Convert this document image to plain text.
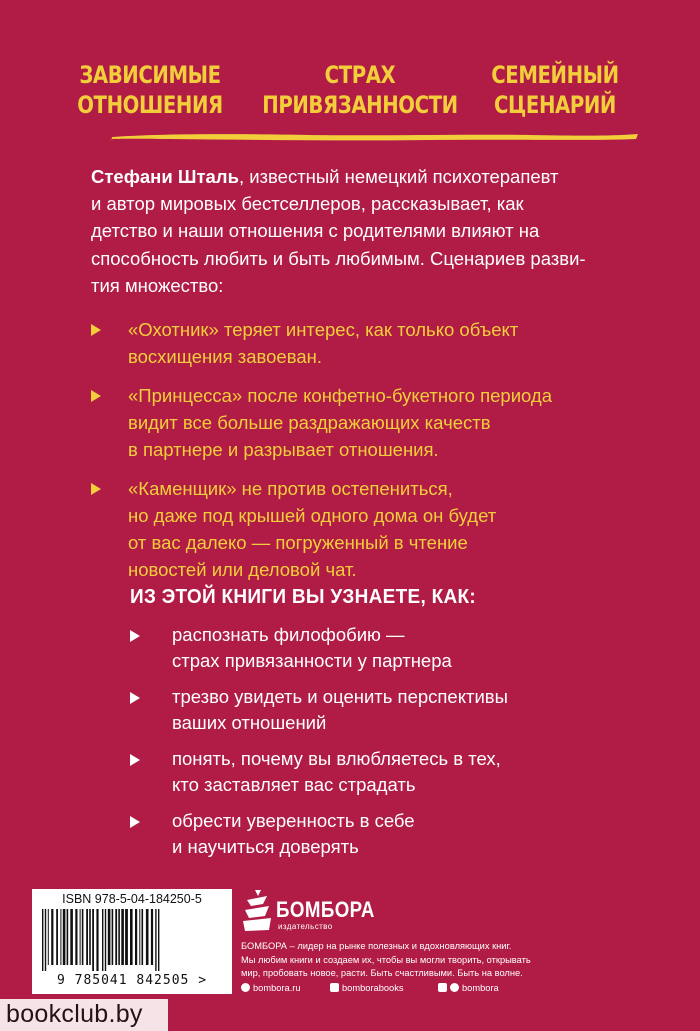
ЗАВИСИМЫЕ
ОТНОШЕНИЯ
СТРАХ
ПРИВЯЗАННОСТИ
СЕМЕЙНЫЙ
СЦЕНАРИЙ
Стефани Шталь, известный немецкий психотерапевт
и автор мировых бестселлеров, рассказывает, как
детство и наши отношения с родителями влияют на
способность любить и быть любимым. Сценариев разви-
тия множество:
«Охотник» теряет интерес, как только объект
восхищения завоеван.
«Принцесса» после конфетно-букетного периода
видит все больше раздражающих качеств
в партнере и разрывает отношения.
«Каменщик» не против остепениться,
но даже под крышей одного дома он будет
от вас далеко — погруженный в чтение
новостей или деловой чат.
ИЗ ЭТОЙ КНИГИ ВЫ УЗНАЕТЕ, КАК:
распознать филофобию —
страх привязанности у партнера
трезво увидеть и оценить перспективы
ваших отношений
понять, почему вы влюбляетесь в тех,
кто заставляет вас страдать
обрести уверенность в себе
и научиться доверять
ISBN 978-5-04-184250-5
9 785041 842505 >
БОМБОРА
издательство
БОМБОРА – лидер на рынке полезных и вдохновляющих книг.
Мы любим книги и создаем их, чтобы вы могли творить, открывать
мир, пробовать новое, расти. Быть счастливыми. Быть на волне.
bombora.ru	bomborabooks	bombora
bookclub.by
